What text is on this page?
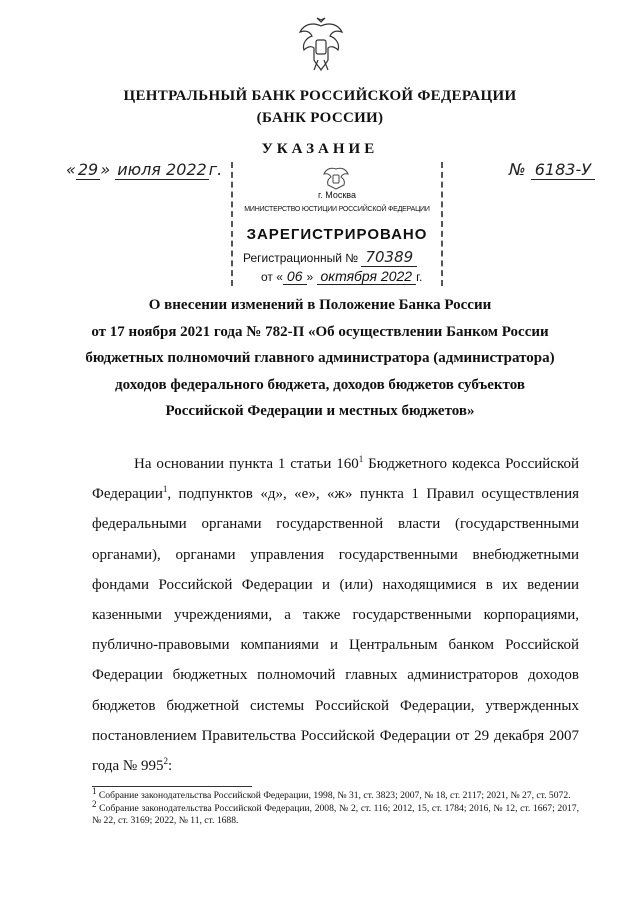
ЦЕНТРАЛЬНЫЙ БАНК РОССИЙСКОЙ ФЕДЕРАЦИИ
(БАНК РОССИИ)
УКАЗАНИЕ
« 29 » июля 2022 г.	№ 6183-У
г. Москва
МИНИСТЕРСТВО ЮСТИЦИИ РОССИЙСКОЙ ФЕДЕРАЦИИ
ЗАРЕГИСТРИРОВАНО
Регистрационный № 70389
от « 06 » октября 2022 г.
О внесении изменений в Положение Банка России
от 17 ноября 2021 года № 782-П «Об осуществлении Банком России
бюджетных полномочий главного администратора (администратора)
доходов федерального бюджета, доходов бюджетов субъектов
Российской Федерации и местных бюджетов»
На основании пункта 1 статьи $160^1$ Бюджетного кодекса Российской Федерации$^1$, подпунктов «д», «е», «ж» пункта 1 Правил осуществления федеральными органами государственной власти (государственными органами), органами управления государственными внебюджетными фондами Российской Федерации и (или) находящимися в их ведении казенными учреждениями, а также государственными корпорациями, публично-правовыми компаниями и Центральным банком Российской Федерации бюджетных полномочий главных администраторов доходов бюджетов бюджетной системы Российской Федерации, утвержденных постановлением Правительства Российской Федерации от 29 декабря 2007 года № $995^2$:

$^1$ Собрание законодательства Российской Федерации, 1998, № 31, ст. 3823; 2007, № 18, ст. 2117; 2021, № 27, ст. 5072.

$^2$ Собрание законодательства Российской Федерации, 2008, № 2, ст. 116; 2012, 15, ст. 1784; 2016, № 12, ст. 1667; 2017, № 22, ст. 3169; 2022, № 11, ст. 1688.
